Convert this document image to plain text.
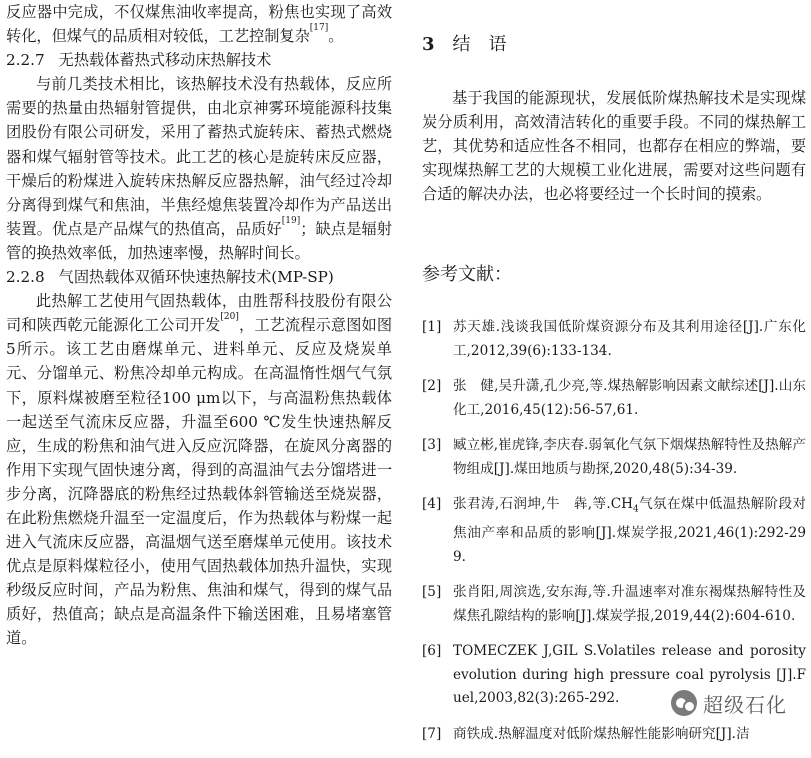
反应器中完成，不仅煤焦油收率提高，粉焦也实现了高效转化，但煤气的品质相对较低，工艺控制复杂[17]。

2.2.7 无热载体蓄热式移动床热解技术

与前几类技术相比，该热解技术没有热载体，反应所需要的热量由热辐射管提供，由北京神雾环境能源科技集团股份有限公司研发，采用了蓄热式旋转床、蓄热式燃烧器和煤气辐射管等技术。此工艺的核心是旋转床反应器，干燥后的粉煤进入旋转床热解反应器热解，油气经过冷却分离得到煤气和焦油，半焦经熄焦装置冷却作为产品送出装置。优点是产品煤气的热值高，品质好[19]；缺点是辐射管的换热效率低，加热速率慢，热解时间长。

2.2.8 气固热载体双循环快速热解技术(MP-SP)

此热解工艺使用气固热载体，由胜帮科技股份有限公司和陕西乾元能源化工公司开发[20]，工艺流程示意图如图5所示。该工艺由磨煤单元、进料单元、反应及烧炭单元、分馏单元、粉焦冷却单元构成。在高温惰性烟气气氛下，原料煤被磨至粒径100 μm以下，与高温粉焦热载体一起送至气流床反应器，升温至600 ℃发生快速热解反应，生成的粉焦和油气进入反应沉降器，在旋风分离器的作用下实现气固快速分离，得到的高温油气去分馏塔进一步分离，沉降器底的粉焦经过热载体斜管输送至烧炭器，在此粉焦燃烧升温至一定温度后，作为热载体与粉煤一起进入气流床反应器，高温烟气送至磨煤单元使用。该技术优点是原料煤粒径小，使用气固热载体加热升温快，实现秒级反应时间，产品为粉焦、焦油和煤气，得到的煤气品质好，热值高；缺点是高温条件下输送困难，且易堵塞管道。

3 结　语

基于我国的能源现状，发展低阶煤热解技术是实现煤炭分质利用，高效清洁转化的重要手段。不同的煤热解工艺，其优势和适应性各不相同，也都存在相应的弊端，要实现煤热解工艺的大规模工业化进展，需要对这些问题有合适的解决办法，也必将要经过一个长时间的摸索。

参考文献：
[1] 苏天雄.浅谈我国低阶煤资源分布及其利用途径[J].广东化工,2012,39(6):133-134.
[2] 张　健,吴升潇,孔少亮,等.煤热解影响因素文献综述[J].山东化工,2016,45(12):56-57,61.
[3] 臧立彬,崔虎锋,李庆春.弱氧化气氛下烟煤热解特性及热解产物组成[J].煤田地质与勘探,2020,48(5):34-39.
[4] 张君涛,石润坤,牛　犇,等$.CH_4$气氛在煤中低温热解阶段对焦油产率和品质的影响[J].煤炭学报,2021,46(1):292-299.
[5] 张肖阳,周滨选,安东海,等.升温速率对准东褐煤热解特性及煤焦孔隙结构的影响[J].煤炭学报,2019,44(2):604-610.
[6] TOMECZEK J,GIL S.Volatiles release and porosity evolution during high pressure coal pyrolysis [J].Fuel,2003,82(3):265-292.
[7] 商铁成.热解温度对低阶煤热解性能影响研究[J].洁
超级石化
